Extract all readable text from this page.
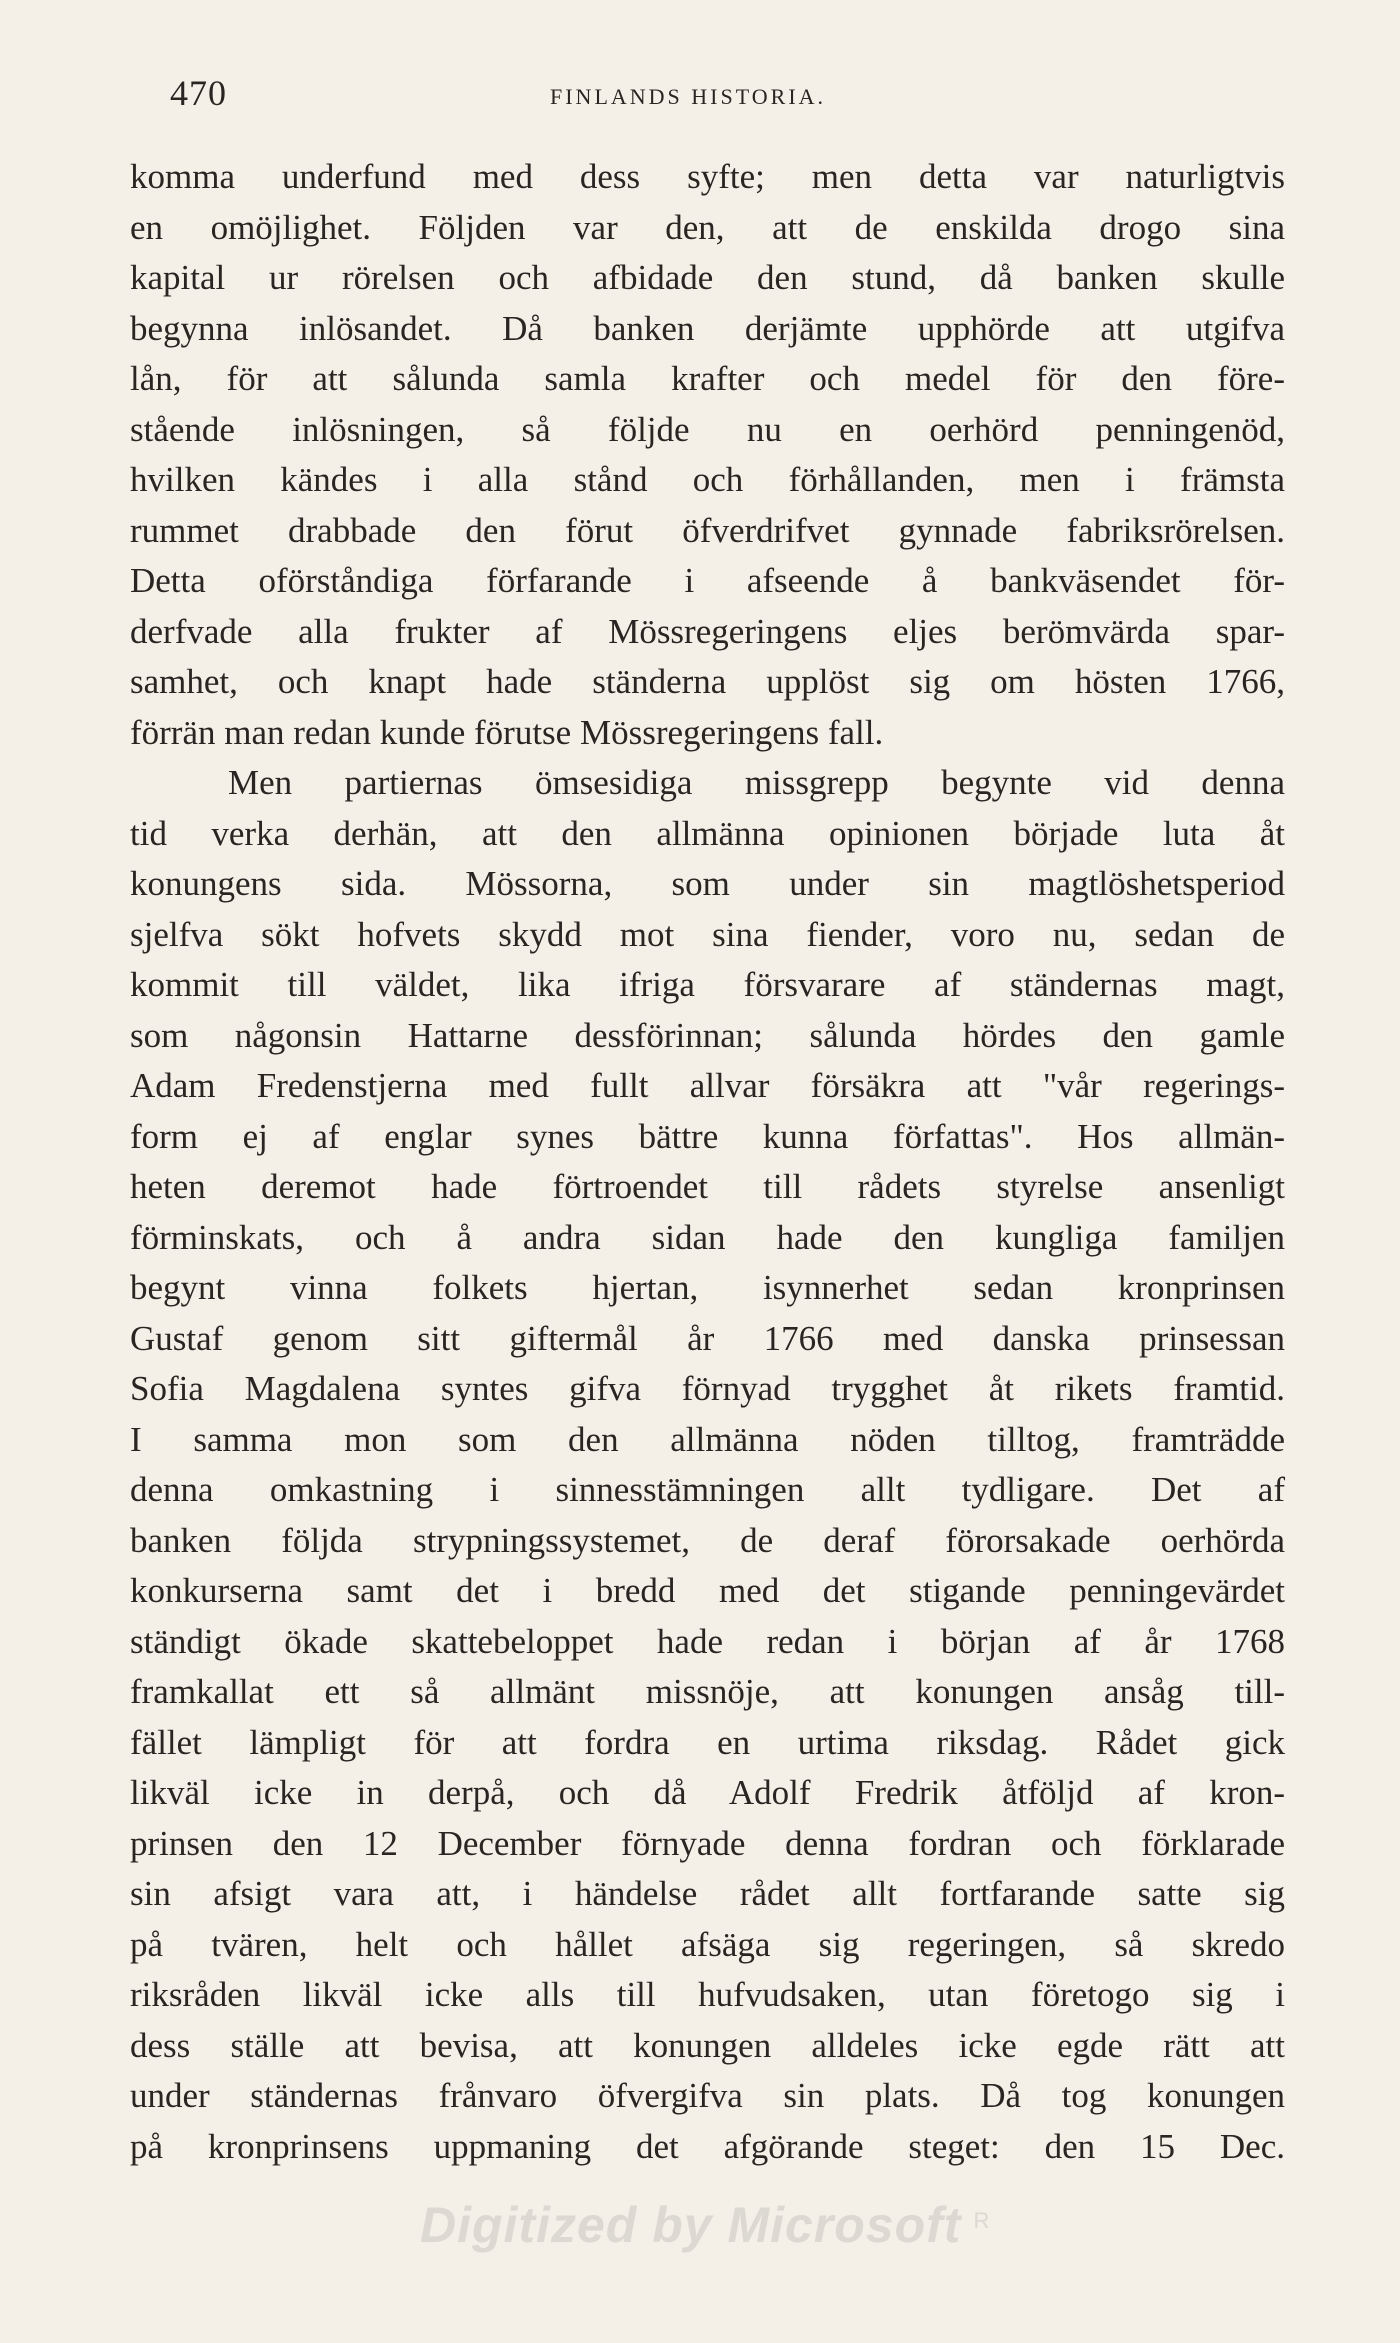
470	FINLANDS HISTORIA.
komma underfund med dess syfte; men detta var naturligtvis
en omöjlighet. Följden var den, att de enskilda drogo sina
kapital ur rörelsen och afbidade den stund, då banken skulle
begynna inlösandet. Då banken derjämte upphörde att utgifva
lån, för att sålunda samla krafter och medel för den före-
stående inlösningen, så följde nu en oerhörd penningenöd,
hvilken kändes i alla stånd och förhållanden, men i främsta
rummet drabbade den förut öfverdrifvet gynnade fabriksrörelsen.
Detta oförståndiga förfarande i afseende å bankväsendet för-
derfvade alla frukter af Mössregeringens eljes berömvärda spar-
samhet, och knapt hade ständerna upplöst sig om hösten 1766,
förrän man redan kunde förutse Mössregeringens fall.
Men partiernas ömsesidiga missgrepp begynte vid denna
tid verka derhän, att den allmänna opinionen började luta åt
konungens sida. Mössorna, som under sin magtlöshetsperiod
sjelfva sökt hofvets skydd mot sina fiender, voro nu, sedan de
kommit till väldet, lika ifriga försvarare af ständernas magt,
som någonsin Hattarne dessförinnan; sålunda hördes den gamle
Adam Fredenstjerna med fullt allvar försäkra att "vår regerings-
form ej af englar synes bättre kunna författas". Hos allmän-
heten deremot hade förtroendet till rådets styrelse ansenligt
förminskats, och å andra sidan hade den kungliga familjen
begynt vinna folkets hjertan, isynnerhet sedan kronprinsen
Gustaf genom sitt giftermål år 1766 med danska prinsessan
Sofia Magdalena syntes gifva förnyad trygghet åt rikets framtid.
I samma mon som den allmänna nöden tilltog, framträdde
denna omkastning i sinnesstämningen allt tydligare. Det af
banken följda strypningssystemet, de deraf förorsakade oerhörda
konkurserna samt det i bredd med det stigande penningevärdet
ständigt ökade skattebeloppet hade redan i början af år 1768
framkallat ett så allmänt missnöje, att konungen ansåg till-
fället lämpligt för att fordra en urtima riksdag. Rådet gick
likväl icke in derpå, och då Adolf Fredrik åtföljd af kron-
prinsen den 12 December förnyade denna fordran och förklarade
sin afsigt vara att, i händelse rådet allt fortfarande satte sig
på tvären, helt och hållet afsäga sig regeringen, så skredo
riksråden likväl icke alls till hufvudsaken, utan företogo sig i
dess ställe att bevisa, att konungen alldeles icke egde rätt att
under ständernas frånvaro öfvergifva sin plats. Då tog konungen
på kronprinsens uppmaning det afgörande steget: den 15 Dec.
Digitized by Microsoft $^R$
